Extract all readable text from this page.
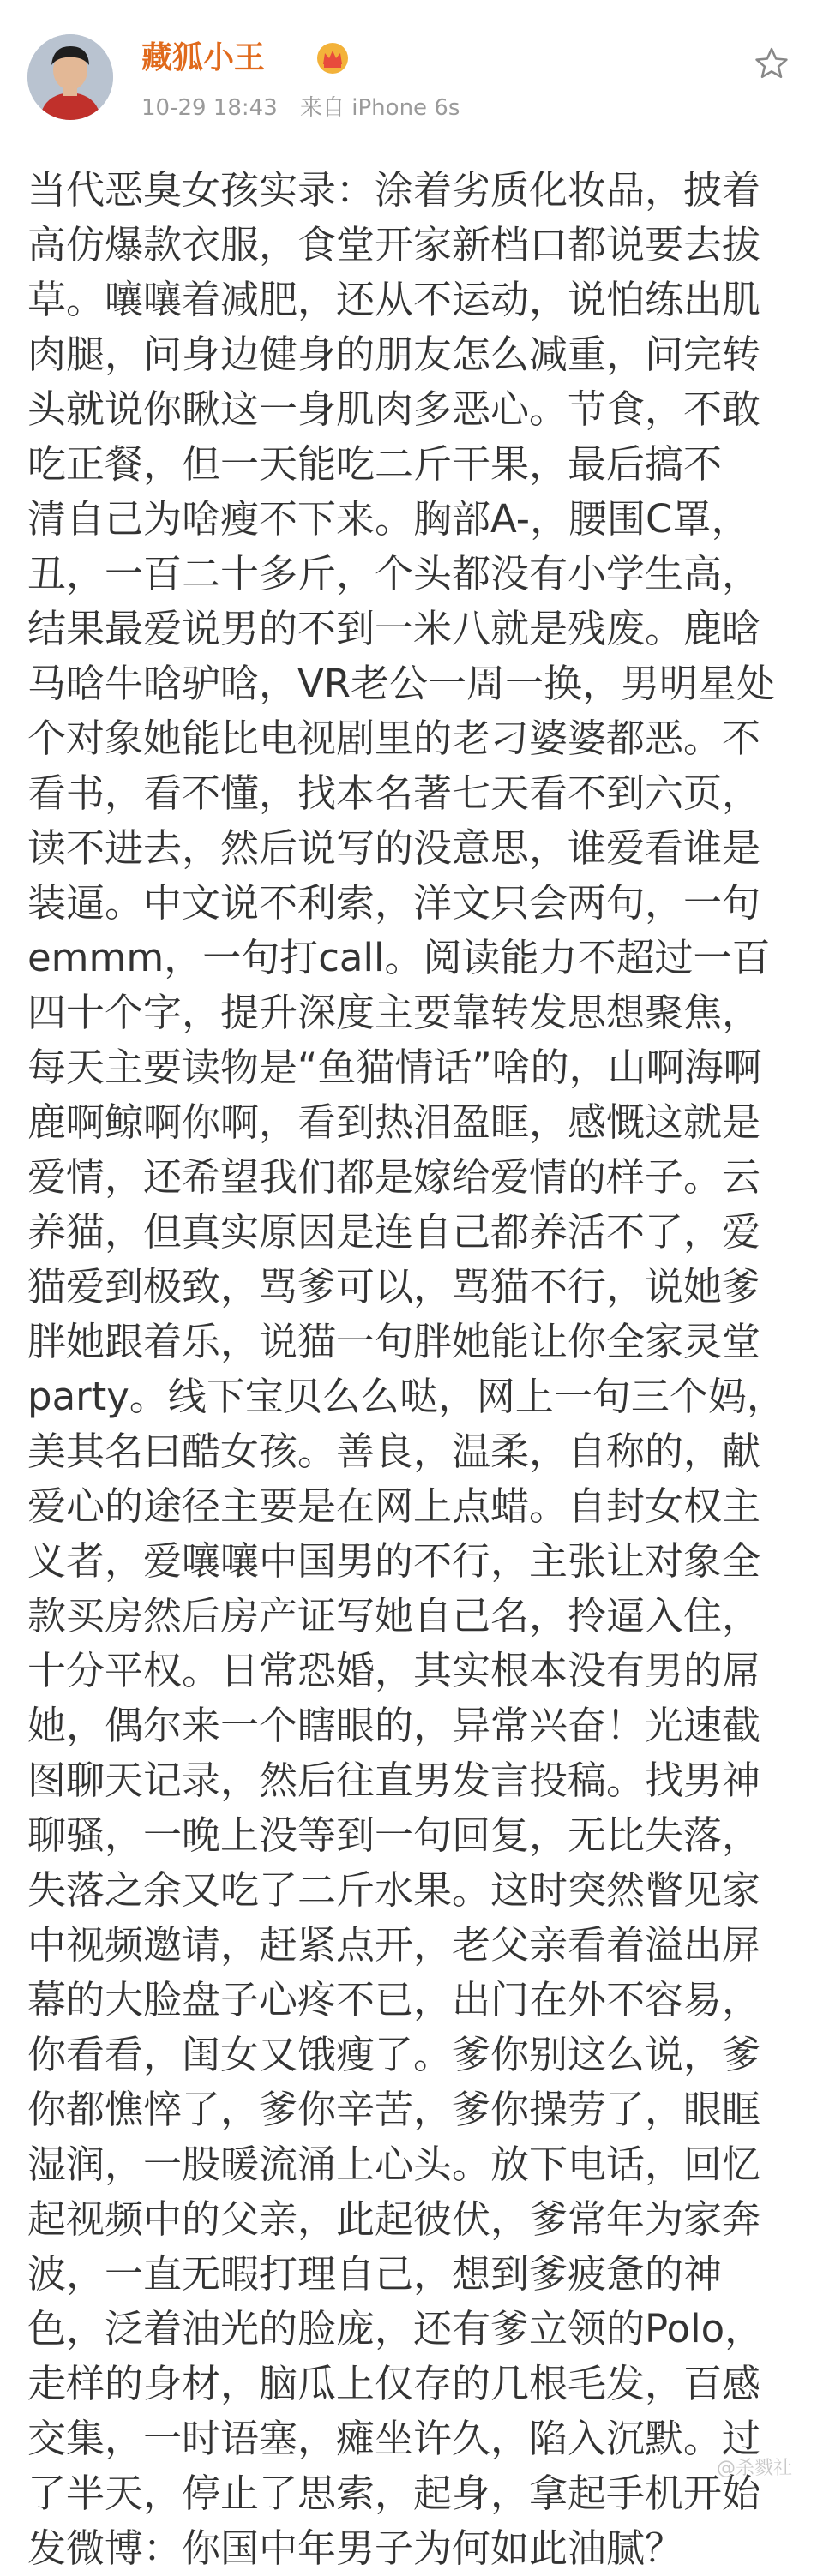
藏狐小王
10-29 18:43 来自 iPhone 6s

当代恶臭女孩实录：涂着劣质化妆品，披着

高仿爆款衣服，食堂开家新档口都说要去拔

草。嚷嚷着减肥，还从不运动，说怕练出肌

肉腿，问身边健身的朋友怎么减重，问完转

头就说你瞅这一身肌肉多恶心。节食，不敢

吃正餐，但一天能吃二斤干果，最后搞不

清自己为啥瘦不下来。胸部A-，腰围C罩，

丑，一百二十多斤，个头都没有小学生高，

结果最爱说男的不到一米八就是残废。鹿晗

马晗牛晗驴晗，VR老公一周一换，男明星处

个对象她能比电视剧里的老刁婆婆都恶。不

看书，看不懂，找本名著七天看不到六页，

读不进去，然后说写的没意思，谁爱看谁是

装逼。中文说不利索，洋文只会两句，一句

emmm，一句打call。阅读能力不超过一百

四十个字，提升深度主要靠转发思想聚焦，

每天主要读物是“鱼猫情话”啥的，山啊海啊

鹿啊鲸啊你啊，看到热泪盈眶，感慨这就是

爱情，还希望我们都是嫁给爱情的样子。云

养猫，但真实原因是连自己都养活不了，爱

猫爱到极致，骂爹可以，骂猫不行，说她爹

胖她跟着乐，说猫一句胖她能让你全家灵堂

party。线下宝贝么么哒，网上一句三个妈，

美其名曰酷女孩。善良，温柔，自称的，献

爱心的途径主要是在网上点蜡。自封女权主

义者，爱嚷嚷中国男的不行，主张让对象全

款买房然后房产证写她自己名，拎逼入住，

十分平权。日常恐婚，其实根本没有男的屌

她，偶尔来一个瞎眼的，异常兴奋！光速截

图聊天记录，然后往直男发言投稿。找男神

聊骚，一晚上没等到一句回复，无比失落，

失落之余又吃了二斤水果。这时突然瞥见家

中视频邀请，赶紧点开，老父亲看着溢出屏

幕的大脸盘子心疼不已，出门在外不容易，

你看看，闺女又饿瘦了。爹你别这么说，爹

你都憔悴了，爹你辛苦，爹你操劳了，眼眶

湿润，一股暖流涌上心头。放下电话，回忆

起视频中的父亲，此起彼伏，爹常年为家奔

波，一直无暇打理自己，想到爹疲惫的神

色，泛着油光的脸庞，还有爹立领的Polo，

走样的身材，脑瓜上仅存的几根毛发，百感

交集，一时语塞，瘫坐许久，陷入沉默。过

了半天，停止了思索，起身，拿起手机开始

发微博：你国中年男子为何如此油腻？

@杀戮社
